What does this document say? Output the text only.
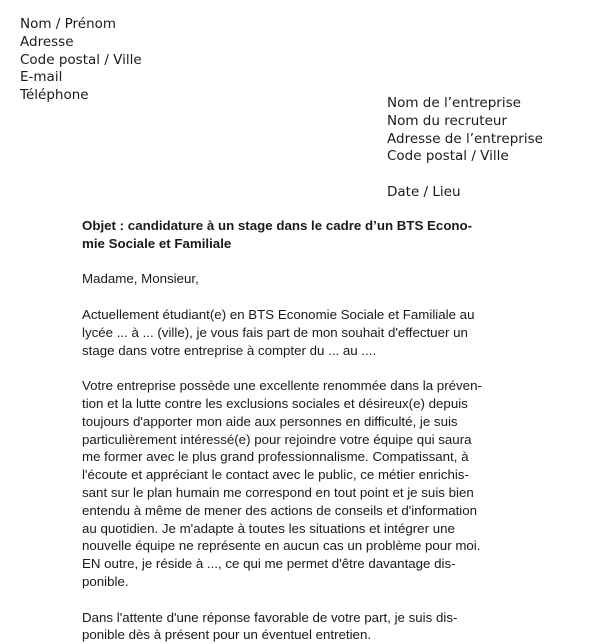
Nom / Prénom
Adresse
Code postal / Ville
E-mail
Téléphone	Nom de l’entreprise
Nom du recruteur
Adresse de l’entreprise
Code postal / Ville
Date / Lieu
Objet : candidature à un stage dans le cadre d’un BTS Econo-
mie Sociale et Familiale
Madame, Monsieur,
Actuellement étudiant(e) en BTS Economie Sociale et Familiale au
lycée ... à ... (ville), je vous fais part de mon souhait d'effectuer un
stage dans votre entreprise à compter du ... au ....
Votre entreprise possède une excellente renommée dans la préven-
tion et la lutte contre les exclusions sociales et désireux(e) depuis
toujours d'apporter mon aide aux personnes en difficulté, je suis
particulièrement intéressé(e) pour rejoindre votre équipe qui saura
me former avec le plus grand professionnalisme. Compatissant, à
l'écoute et appréciant le contact avec le public, ce métier enrichis-
sant sur le plan humain me correspond en tout point et je suis bien
entendu à même de mener des actions de conseils et d'information
au quotidien. Je m'adapte à toutes les situations et intégrer une
nouvelle équipe ne représente en aucun cas un problème pour moi.
EN outre, je réside à ..., ce qui me permet d'être davantage dis-
ponible.
Dans l'attente d'une réponse favorable de votre part, je suis dis-
ponible dès à présent pour un éventuel entretien.
